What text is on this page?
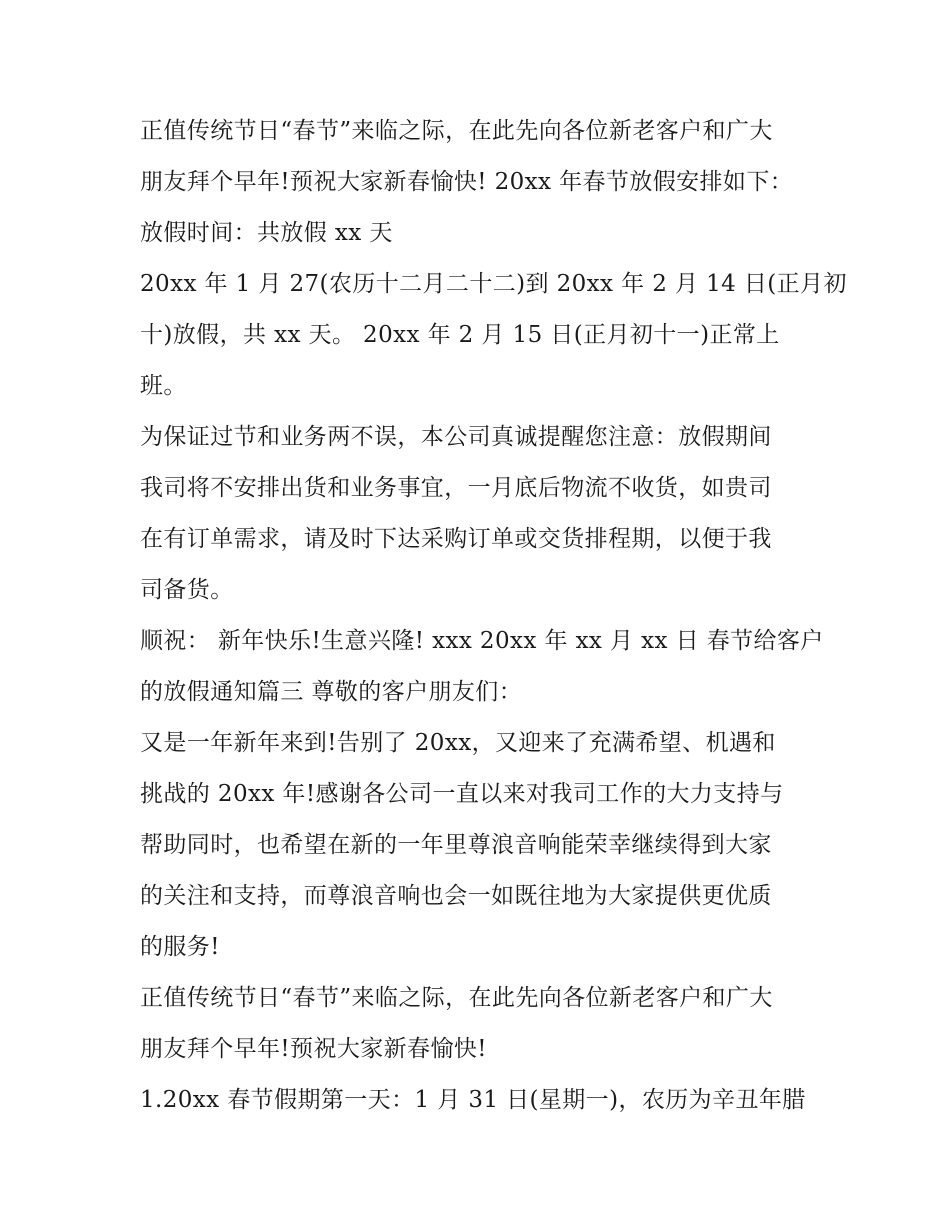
正值传统节日“春节”来临之际，在此先向各位新老客户和广大
朋友拜个早年!预祝大家新春愉快! 20xx 年春节放假安排如下：
放假时间：共放假 xx 天
20xx 年 1 月 27(农历十二月二十二)到 20xx 年 2 月 14 日(正月初
十)放假，共 xx 天。 20xx 年 2 月 15 日(正月初十一)正常上
班。
为保证过节和业务两不误，本公司真诚提醒您注意：放假期间
我司将不安排出货和业务事宜，一月底后物流不收货，如贵司
在有订单需求，请及时下达采购订单或交货排程期，以便于我
司备货。
顺祝： 新年快乐!生意兴隆! xxx 20xx 年 xx 月 xx 日 春节给客户
的放假通知篇三 尊敬的客户朋友们：
又是一年新年来到!告别了 20xx，又迎来了充满希望、机遇和
挑战的 20xx 年!感谢各公司一直以来对我司工作的大力支持与
帮助同时，也希望在新的一年里尊浪音响能荣幸继续得到大家
的关注和支持，而尊浪音响也会一如既往地为大家提供更优质
的服务!
正值传统节日“春节”来临之际，在此先向各位新老客户和广大
朋友拜个早年!预祝大家新春愉快!
1.20xx 春节假期第一天：1 月 31 日(星期一)，农历为辛丑年腊
